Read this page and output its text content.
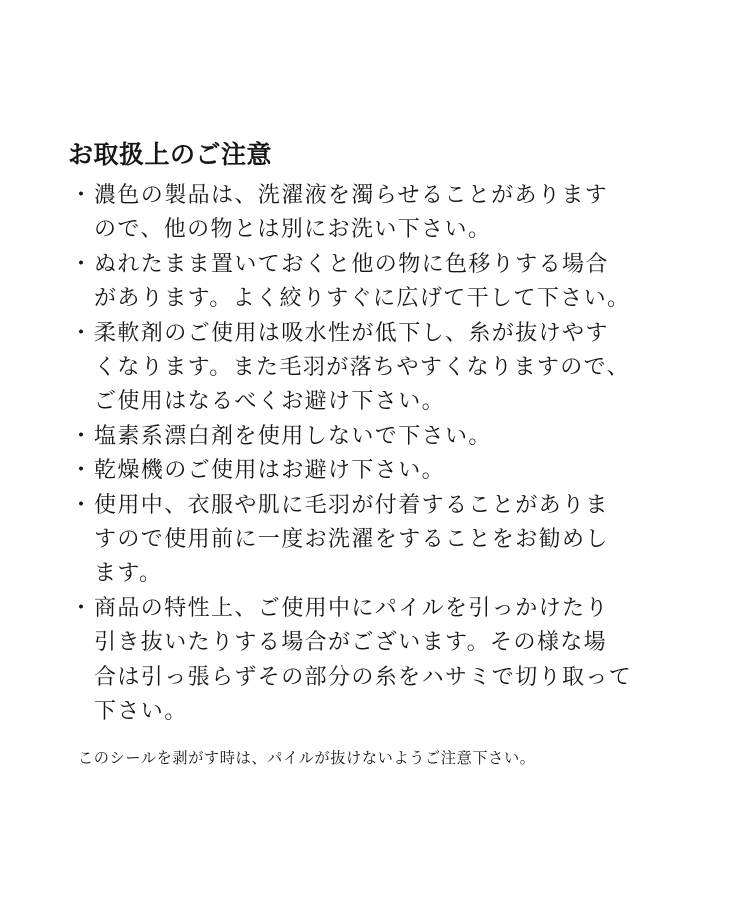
お取扱上のご注意
・ 濃色の製品は、洗濯液を濁らせることがあります
ので、他の物とは別にお洗い下さい。
・ ぬれたまま置いておくと他の物に色移りする場合
があります。よく絞りすぐに広げて干して下さい。
・ 柔軟剤のご使用は吸水性が低下し、糸が抜けやす
くなります。また毛羽が落ちやすくなりますので、
ご使用はなるべくお避け下さい。
・ 塩素系漂白剤を使用しないで下さい。
・ 乾燥機のご使用はお避け下さい。
・ 使用中、衣服や肌に毛羽が付着することがありま
すので使用前に一度お洗濯をすることをお勧めし
ます。
・ 商品の特性上、ご使用中にパイルを引っかけたり
引き抜いたりする場合がございます。その様な場
合は引っ張らずその部分の糸をハサミで切り取って
下さい。
このシールを剥がす時は、パイルが抜けないようご注意下さい。
